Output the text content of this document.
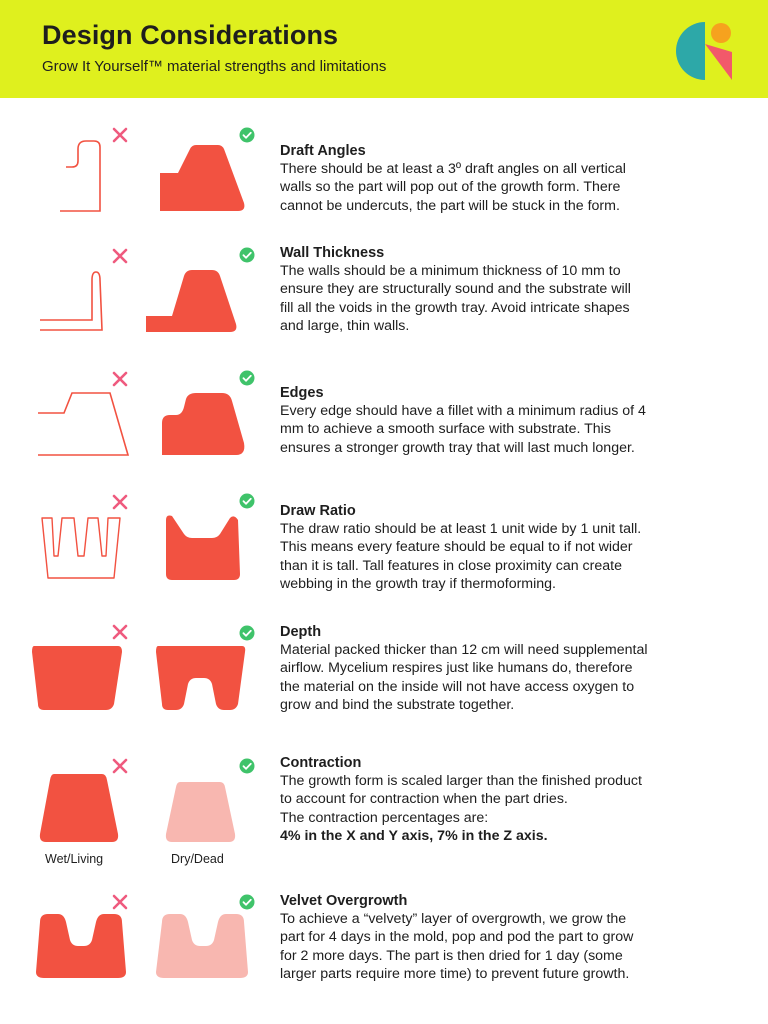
Design Considerations

Grow It Yourself™ material strengths and limitations

Draft Angles
There should be at least a 3º draft angles on all vertical
walls so the part will pop out of the growth form. There
cannot be undercuts, the part will be stuck in the form.
Wall Thickness
The walls should be a minimum thickness of 10 mm to
ensure they are structurally sound and the substrate will
fill all the voids in the growth tray. Avoid intricate shapes
and large, thin walls.
Edges
Every edge should have a fillet with a minimum radius of 4
mm to achieve a smooth surface with substrate. This
ensures a stronger growth tray that will last much longer.
Draw Ratio
The draw ratio should be at least 1 unit wide by 1 unit tall.
This means every feature should be equal to if not wider
than it is tall. Tall features in close proximity can create
webbing in the growth tray if thermoforming.
Depth
Material packed thicker than 12 cm will need supplemental
airflow. Mycelium respires just like humans do, therefore
the material on the inside will not have access oxygen to
grow and bind the substrate together.
Wet/Living	Dry/Dead
Contraction
The growth form is scaled larger than the finished product
to account for contraction when the part dries.
The contraction percentages are:
4% in the X and Y axis, 7% in the Z axis.
Velvet Overgrowth
To achieve a “velvety” layer of overgrowth, we grow the
part for 4 days in the mold, pop and pod the part to grow
for 2 more days. The part is then dried for 1 day (some
larger parts require more time) to prevent future growth.
